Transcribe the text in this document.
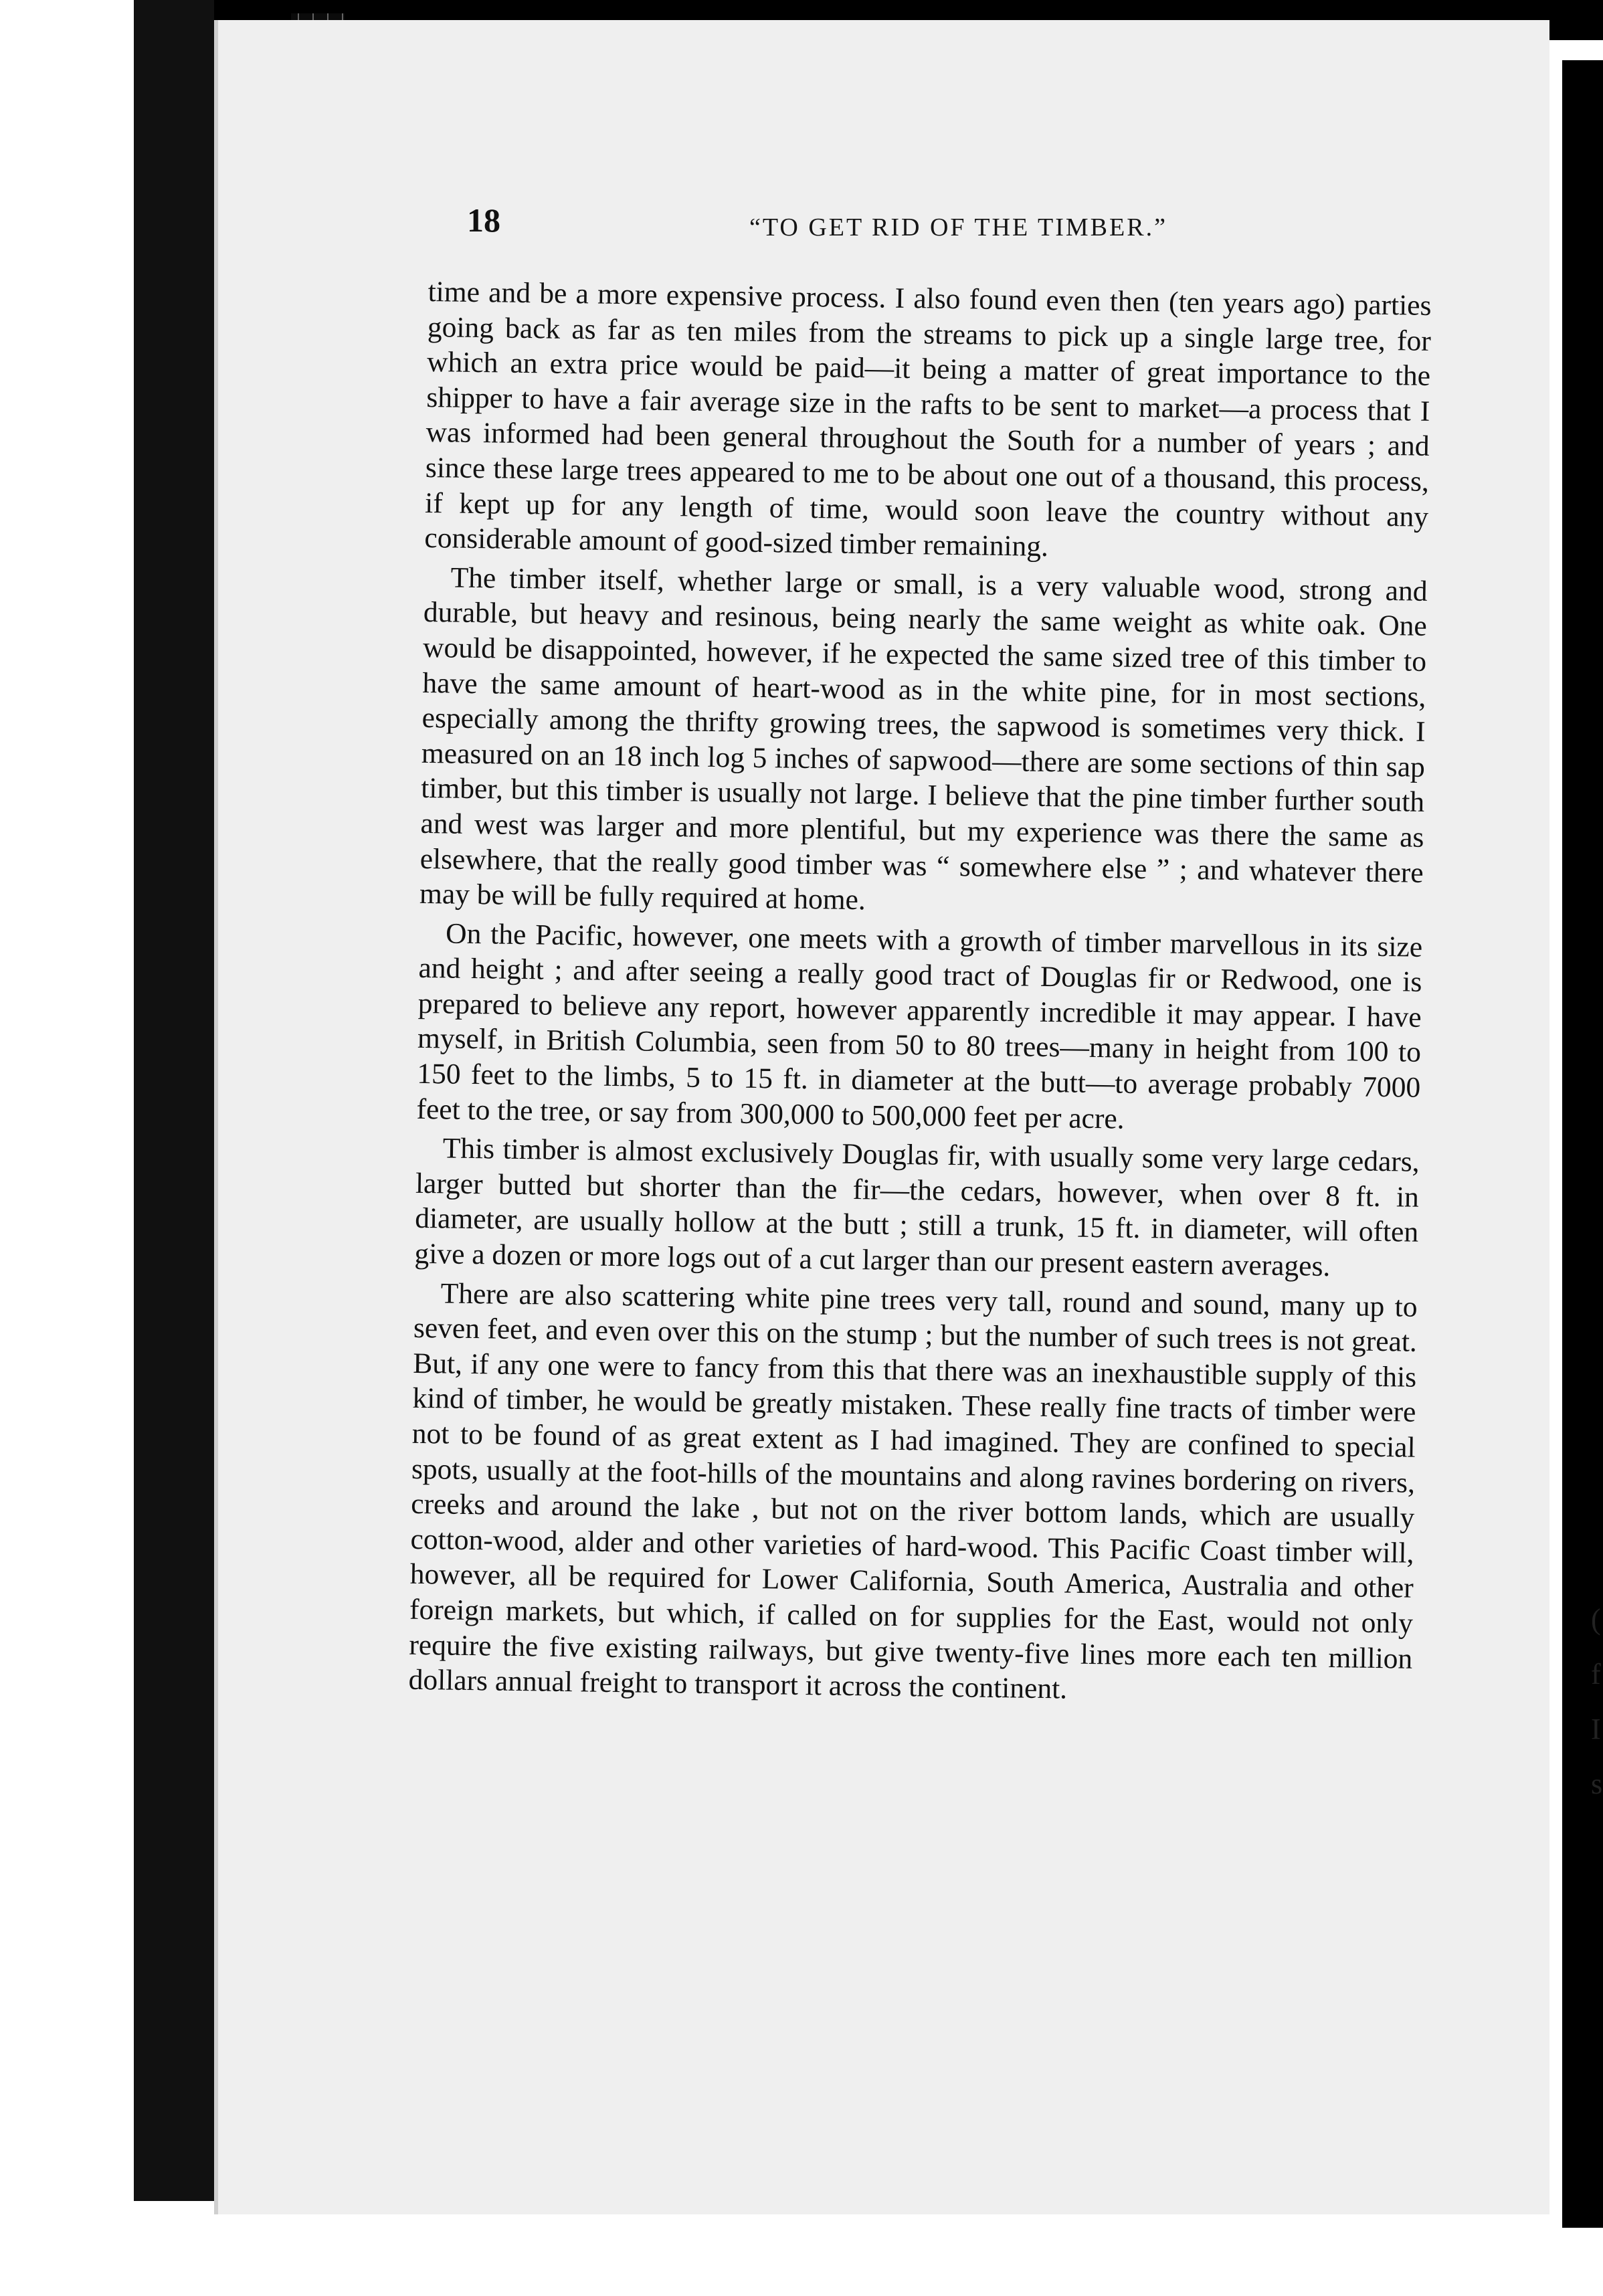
(
f
I
s
18	“TO GET RID OF THE TIMBER.”

time and be a more expensive process. I also found even then (ten years ago) parties going back as far as ten miles from the streams to pick up a single large tree, for which an extra price would be paid—it being a matter of great importance to the shipper to have a fair average size in the rafts to be sent to market—a process that I was informed had been general throughout the South for a number of years ; and since these large trees appeared to me to be about one out of a thousand, this process, if kept up for any length of time, would soon leave the country without any considerable amount of good-sized timber remaining.

The timber itself, whether large or small, is a very valuable wood, strong and durable, but heavy and resinous, being nearly the same weight as white oak. One would be disappointed, however, if he expected the same sized tree of this timber to have the same amount of heart-wood as in the white pine, for in most sections, especially among the thrifty growing trees, the sapwood is sometimes very thick. I measured on an 18 inch log 5 inches of sapwood—there are some sections of thin sap timber, but this timber is usually not large. I believe that the pine timber further south and west was larger and more plentiful, but my experience was there the same as elsewhere, that the really good timber was “ somewhere else ” ; and whatever there may be will be fully required at home.

On the Pacific, however, one meets with a growth of timber marvellous in its size and height ; and after seeing a really good tract of Douglas fir or Redwood, one is prepared to believe any report, however apparently incredible it may appear. I have myself, in British Columbia, seen from 50 to 80 trees—many in height from 100 to 150 feet to the limbs, 5 to 15 ft. in diameter at the butt—to average probably 7000 feet to the tree, or say from 300,000 to 500,000 feet per acre.

This timber is almost exclusively Douglas fir, with usually some very large cedars, larger butted but shorter than the fir—the cedars, however, when over 8 ft. in diameter, are usually hollow at the butt ; still a trunk, 15 ft. in diameter, will often give a dozen or more logs out of a cut larger than our present eastern averages.

There are also scattering white pine trees very tall, round and sound, many up to seven feet, and even over this on the stump ; but the number of such trees is not great. But, if any one were to fancy from this that there was an inexhaustible supply of this kind of timber, he would be greatly mistaken. These really fine tracts of timber were not to be found of as great extent as I had imagined. They are confined to special spots, usually at the foot-hills of the mountains and along ravines bordering on rivers, creeks and around the lake , but not on the river bottom lands, which are usually cotton-wood, alder and other varieties of hard-wood. This Pacific Coast timber will, however, all be required for Lower California, South America, Australia and other foreign markets, but which, if called on for supplies for the East, would not only require the five existing railways, but give twenty-five lines more each ten million dollars annual freight to transport it across the continent.
